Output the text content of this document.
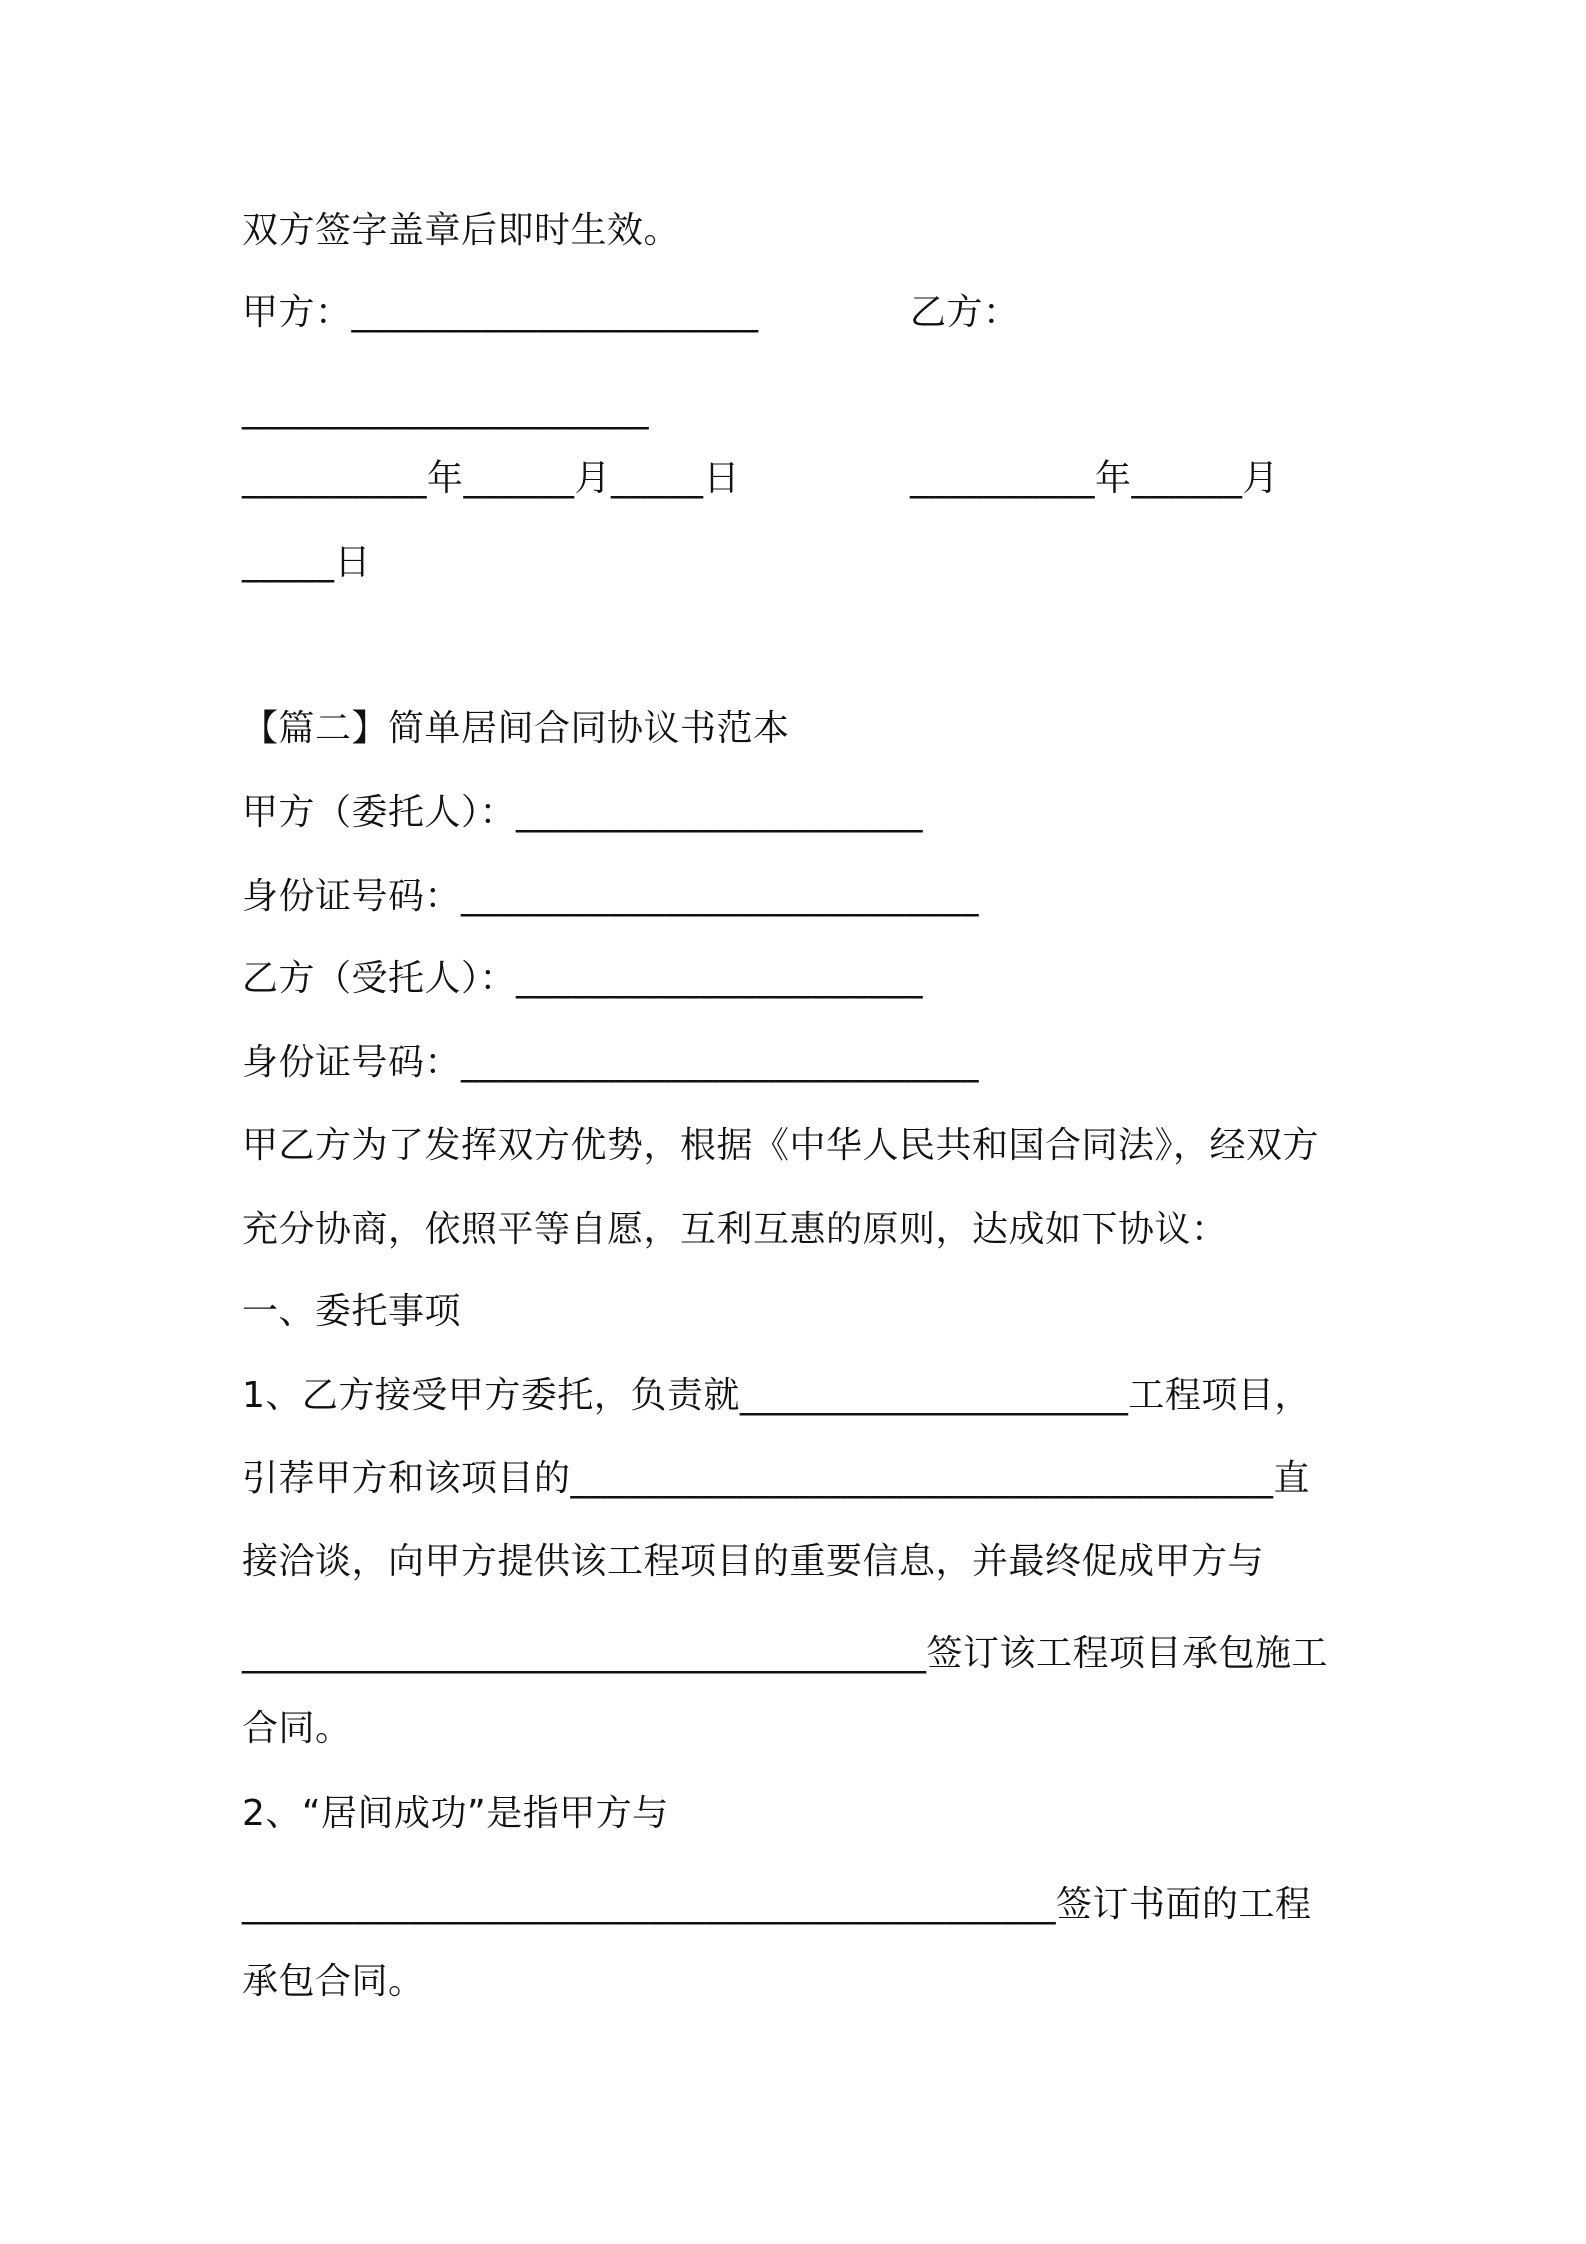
双方签字盖章后即时生效。
甲方：______________________	乙方：
______________________
__________年______月_____日	__________年______月
_____日
【篇二】简单居间合同协议书范本
甲方（委托人）：______________________
身份证号码：____________________________
乙方（受托人）：______________________
身份证号码：____________________________
甲乙方为了发挥双方优势，根据《中华人民共和国合同法》，经双方
充分协商，依照平等自愿，互利互惠的原则，达成如下协议：
一、委托事项
1、乙方接受甲方委托，负责就_____________________工程项目，
引荐甲方和该项目的______________________________________直
接洽谈，向甲方提供该工程项目的重要信息，并最终促成甲方与
_____________________________________签订该工程项目承包施工
合同。
2、“居间成功”是指甲方与
____________________________________________签订书面的工程
承包合同。
